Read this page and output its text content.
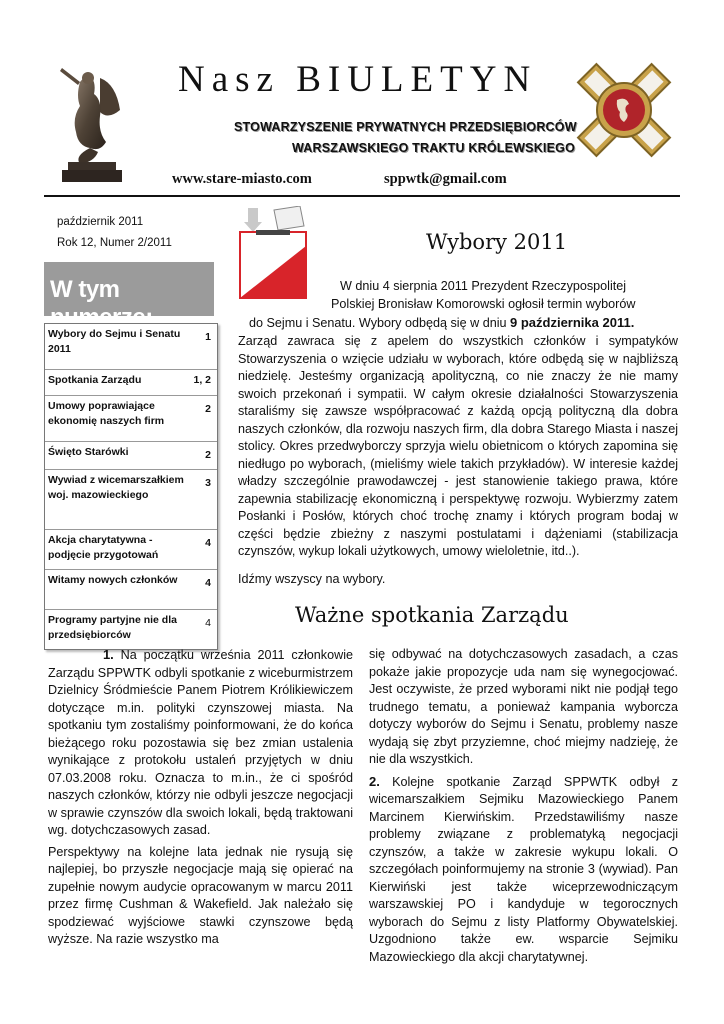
Nasz BIULETYN
STOWARZYSZENIE PRYWATNYCH PRZEDSIĘBIORCÓW
WARSZAWSKIEGO TRAKTU KRÓLEWSKIEGO
www.stare-miasto.com	sppwtk@gmail.com
październik 2011
Rok 12, Numer 2/2011
W tym numerze:
Wybory do Sejmu i Senatu 2011
1
Spotkania Zarządu	1, 2
Umowy poprawiające ekonomię naszych firm
2
Święto Starówki	2
Wywiad z wicemarszałkiem woj. mazowieckiego
3
Akcja charytatywna - podjęcie przygotowań
4
Witamy nowych członków	4
Programy partyjne nie dla przedsiębiorców
4
Wybory 2011
W dniu 4 sierpnia 2011 Prezydent Rzeczypospolitej
Polskiej Bronisław Komorowski ogłosił termin wyborów
do Sejmu i Senatu. Wybory odbędą się w dniu 9 października 2011.
Zarząd zawraca się z apelem do wszystkich członków i sympatyków Stowarzyszenia o wzięcie udziału w wyborach, które odbędą się w najbliższą niedzielę. Jesteśmy organizacją apolityczną, co nie znaczy że nie mamy swoich przekonań i sympatii. W całym okresie działalności Stowarzyszenia staraliśmy się zawsze współpracować z każdą opcją polityczną dla dobra naszych członków, dla rozwoju naszych firm, dla dobra Starego Miasta i naszej stolicy. Okres przedwyborczy sprzyja wielu obietnicom o których zapomina się niedługo po wyborach, (mieliśmy wiele takich przykładów). W interesie każdej władzy szczególnie prawodawczej - jest stanowienie takiego prawa, które zapewnia stabilizację ekonomiczną i perspektywę rozwoju. Wybierzmy zatem Posłanki i Posłów, których choć trochę znamy i których program bodaj w części będzie zbieżny z naszymi postulatami i dążeniami (stabilizacja czynszów, wykup lokali użytkowych, umowy wieloletnie, itd..).
Idźmy wszyscy na wybory.
Ważne spotkania Zarządu

1. Na początku września 2011 członkowie Zarządu SPPWTK odbyli spotkanie z wiceburmistrzem Dzielnicy Śródmieście Panem Piotrem Królikiewiczem dotyczące m.in. polityki czynszowej miasta. Na spotkaniu tym zostaliśmy poinformowani, że do końca bieżącego roku pozostawia się bez zmian ustalenia wynikające z protokołu ustaleń przyjętych w dniu 07.03.2008 roku. Oznacza to m.in., że ci spośród naszych członków, którzy nie odbyli jeszcze negocjacji w sprawie czynszów dla swoich lokali, będą traktowani wg. dotychczasowych zasad.

Perspektywy na kolejne lata jednak nie rysują się najlepiej, bo przyszłe negocjacje mają się opierać na zupełnie nowym audycie opracowanym w marcu 2011 przez firmę Cushman & Wakefield. Jak należało się spodziewać wyjściowe stawki czynszowe będą wyższe. Na razie wszystko ma

się odbywać na dotychczasowych zasadach, a czas pokaże jakie propozycje uda nam się wynegocjować. Jest oczywiste, że przed wyborami nikt nie podjął tego trudnego tematu, a ponieważ kampania wyborcza dotyczy wyborów do Sejmu i Senatu, problemy nasze wydają się zbyt przyziemne, choć miejmy nadzieję, że nie dla wszystkich.

2. Kolejne spotkanie Zarząd SPPWTK odbył z wicemarszałkiem Sejmiku Mazowieckiego Panem Marcinem Kierwińskim. Przedstawiliśmy nasze problemy związane z problematyką negocjacji czynszów, a także w zakresie wykupu lokali. O szczegółach poinformujemy na stronie 3 (wywiad). Pan Kierwiński jest także wiceprzewodniczącym warszawskiej PO i kandyduje w tegorocznych wyborach do Sejmu z listy Platformy Obywatelskiej. Uzgodniono także ew. wsparcie Sejmiku Mazowieckiego dla akcji charytatywnej.
